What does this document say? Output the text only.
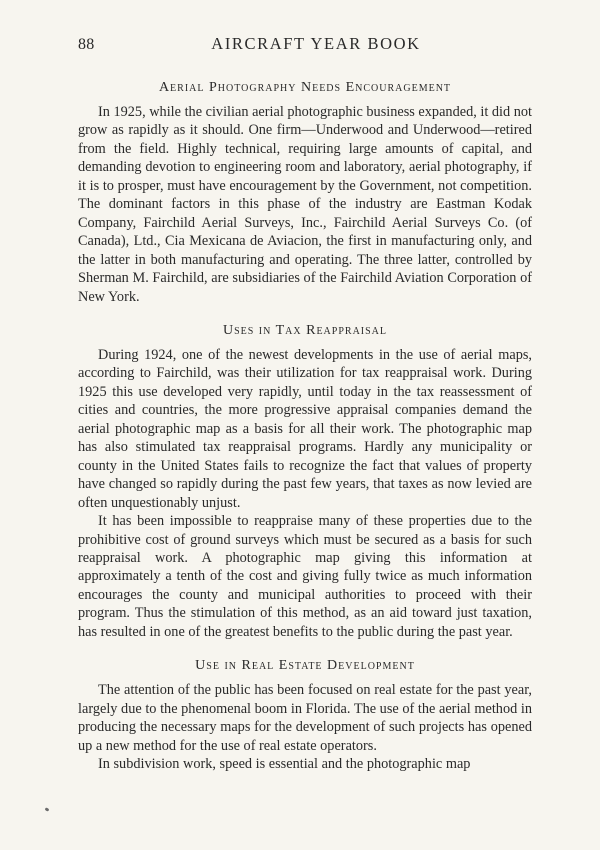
88	AIRCRAFT YEAR BOOK
Aerial Photography Needs Encouragement

In 1925, while the civilian aerial photographic business expanded, it did not grow as rapidly as it should. One firm—Underwood and Underwood—retired from the field. Highly technical, requiring large amounts of capital, and demanding devotion to engineering room and laboratory, aerial photography, if it is to prosper, must have encouragement by the Government, not competition. The dominant factors in this phase of the industry are Eastman Kodak Company, Fairchild Aerial Surveys, Inc., Fairchild Aerial Surveys Co. (of Canada), Ltd., Cia Mexicana de Aviacion, the first in manufacturing only, and the latter in both manufacturing and operating. The three latter, controlled by Sherman M. Fairchild, are subsidiaries of the Fairchild Aviation Corporation of New York.

Uses in Tax Reappraisal

During 1924, one of the newest developments in the use of aerial maps, according to Fairchild, was their utilization for tax reappraisal work. During 1925 this use developed very rapidly, until today in the tax reassessment of cities and countries, the more progressive appraisal companies demand the aerial photographic map as a basis for all their work. The photographic map has also stimulated tax reappraisal programs. Hardly any municipality or county in the United States fails to recognize the fact that values of property have changed so rapidly during the past few years, that taxes as now levied are often unquestionably unjust.

It has been impossible to reappraise many of these properties due to the prohibitive cost of ground surveys which must be secured as a basis for such reappraisal work. A photographic map giving this information at approximately a tenth of the cost and giving fully twice as much information encourages the county and municipal authorities to proceed with their program. Thus the stimulation of this method, as an aid toward just taxation, has resulted in one of the greatest benefits to the public during the past year.

Use in Real Estate Development

The attention of the public has been focused on real estate for the past year, largely due to the phenomenal boom in Florida. The use of the aerial method in producing the necessary maps for the development of such projects has opened up a new method for the use of real estate operators.

In subdivision work, speed is essential and the photographic map
